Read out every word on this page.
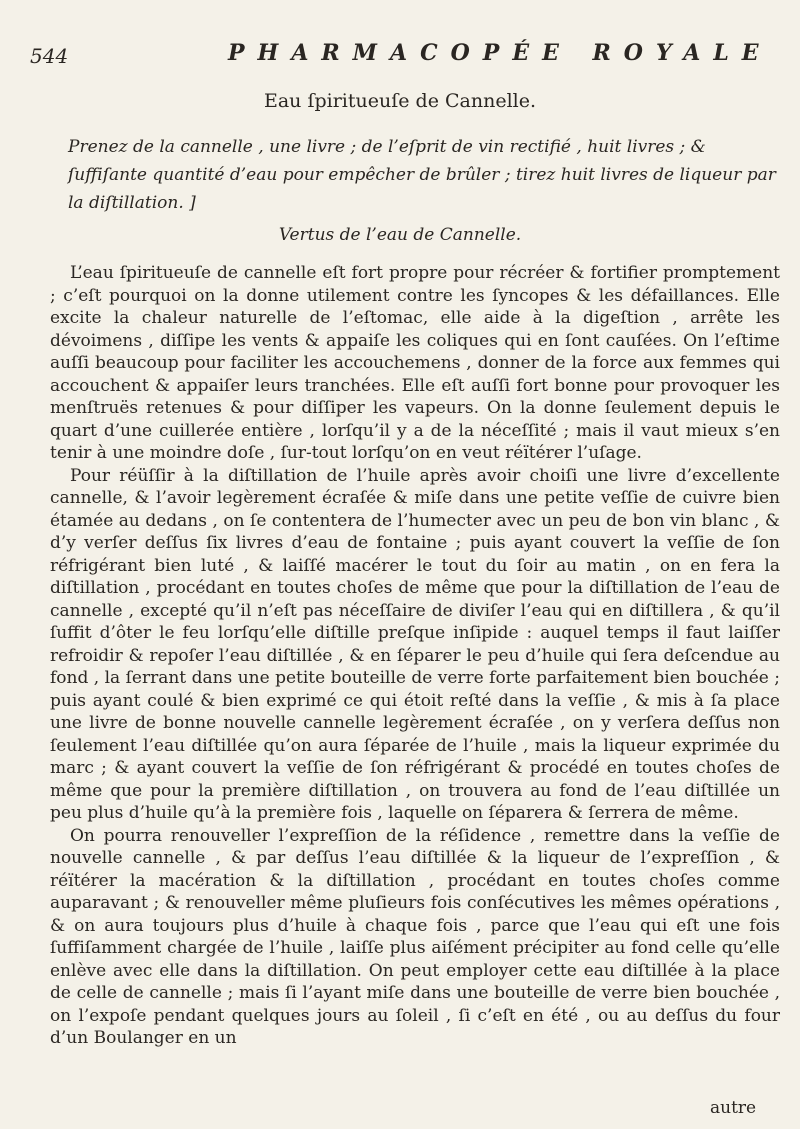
544	PHARMACOPÉE ROYALE
Eau ſpiritueuſe de Cannelle.
Prenez de la cannelle , une livre ; de l’eſprit de vin rectifié , huit livres ; & ſuffiſante quantité d’eau pour empêcher de brûler ; tirez huit livres de liqueur par la diſtillation. ]
Vertus de l’eau de Cannelle.

L’eau ſpiritueuſe de cannelle eſt fort propre pour récréer & fortifier promptement ; c’eſt pourquoi on la donne utilement contre les ſyncopes & les défaillances. Elle excite la chaleur naturelle de l’eſtomac, elle aide à la digeſtion , arrête les dévoimens , diſſipe les vents & appaiſe les coliques qui en ſont cauſées. On l’eſtime auſſi beaucoup pour faciliter les accouchemens , donner de la force aux femmes qui accouchent & appaiſer leurs tranchées. Elle eſt auſſi fort bonne pour provoquer les menſtruës retenues & pour diſſiper les vapeurs. On la donne ſeulement depuis le quart d’une cuillerée entière , lorſqu’il y a de la néceſſité ; mais il vaut mieux s’en tenir à une moindre doſe , ſur-tout lorſqu’on en veut réïtérer l’uſage.

Pour réüſſir à la diſtillation de l’huile après avoir choiſi une livre d’excellente cannelle, & l’avoir legèrement écraſée & miſe dans une petite veſſie de cuivre bien étamée au dedans , on ſe contentera de l’humecter avec un peu de bon vin blanc , & d’y verſer deſſus ſix livres d’eau de fontaine ; puis ayant couvert la veſſie de ſon réfrigérant bien luté , & laiſſé macérer le tout du ſoir au matin , on en fera la diſtillation , procédant en toutes choſes de même que pour la diſtillation de l’eau de cannelle , excepté qu’il n’eſt pas néceſſaire de diviſer l’eau qui en diſtillera , & qu’il ſuffit d’ôter le feu lorſqu’elle diſtille preſque inſipide : auquel temps il faut laiſſer refroidir & repoſer l’eau diſtillée , & en ſéparer le peu d’huile qui ſera deſcendue au fond , la ſerrant dans une petite bouteille de verre forte parfaitement bien bouchée ; puis ayant coulé & bien exprimé ce qui étoit reſté dans la veſſie , & mis à ſa place une livre de bonne nouvelle cannelle legèrement écraſée , on y verſera deſſus non ſeulement l’eau diſtillée qu’on aura ſéparée de l’huile , mais la liqueur exprimée du marc ; & ayant couvert la veſſie de ſon réfrigérant & procédé en toutes choſes de même que pour la première diſtillation , on trouvera au fond de l’eau diſtillée un peu plus d’huile qu’à la première fois , laquelle on ſéparera & ſerrera de même.

On pourra renouveller l’expreſſion de la réſidence , remettre dans la veſſie de nouvelle cannelle , & par deſſus l’eau diſtillée & la liqueur de l’expreſſion , & réïtérer la macération & la diſtillation , procédant en toutes choſes comme auparavant ; & renouveller même pluſieurs fois conſécutives les mêmes opérations , & on aura toujours plus d’huile à chaque fois , parce que l’eau qui eſt une fois ſuffiſamment chargée de l’huile , laiſſe plus aiſément précipiter au fond celle qu’elle enlève avec elle dans la diſtillation. On peut employer cette eau diſtillée à la place de celle de cannelle ; mais ſi l’ayant miſe dans une bouteille de verre bien bouchée , on l’expoſe pendant quelques jours au ſoleil , ſi c’eſt en été , ou au deſſus du four d’un Boulanger en un

autre
